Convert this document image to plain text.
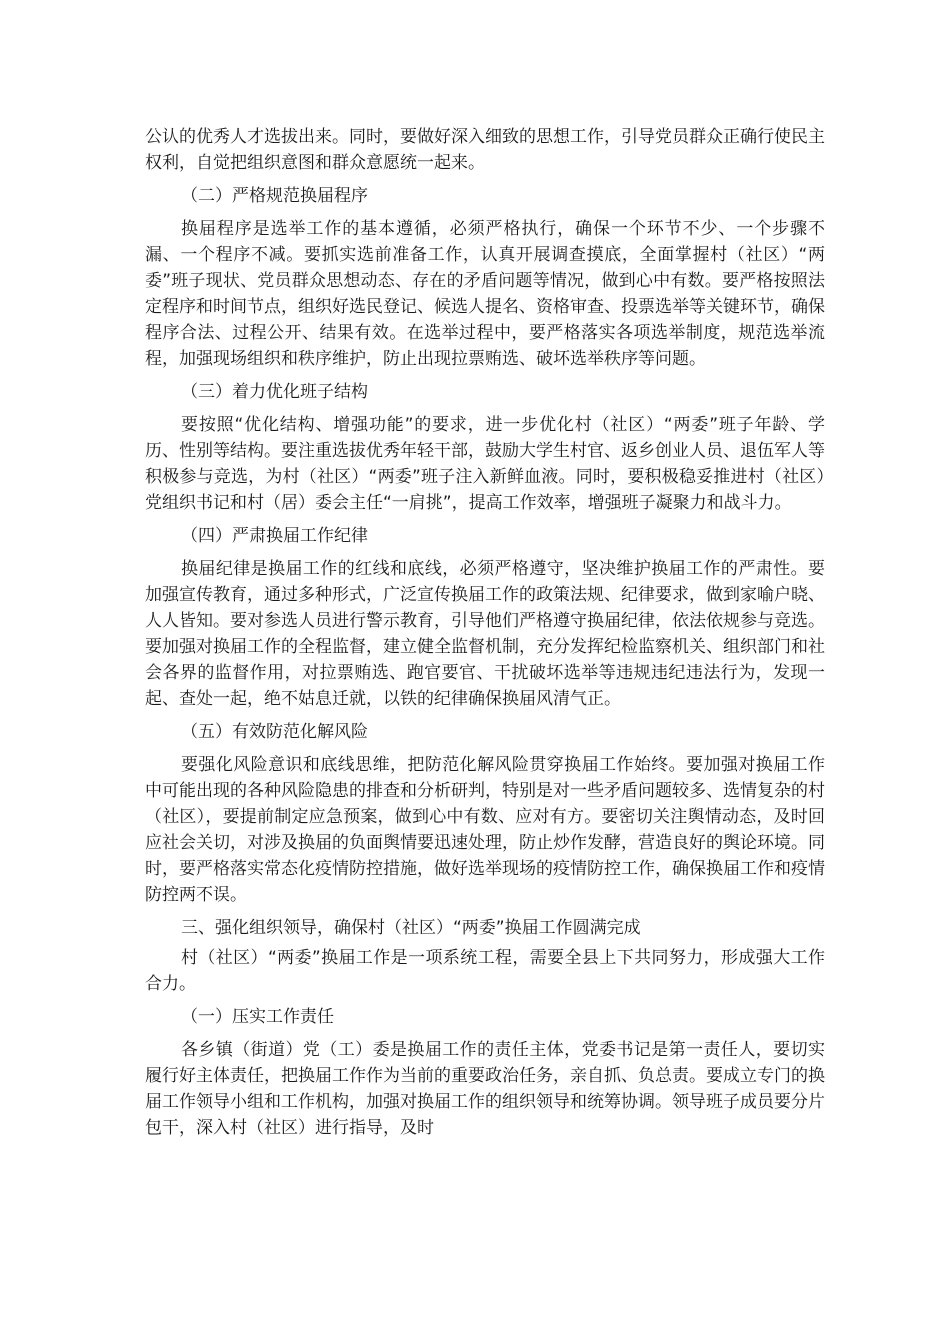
公认的优秀人才选拔出来。同时，要做好深入细致的思想工作，引导党员群众正确行使民主权利，自觉把组织意图和群众意愿统一起来。

（二）严格规范换届程序

换届程序是选举工作的基本遵循，必须严格执行，确保一个环节不少、一个步骤不漏、一个程序不减。要抓实选前准备工作，认真开展调查摸底，全面掌握村（社区）“两委”班子现状、党员群众思想动态、存在的矛盾问题等情况，做到心中有数。要严格按照法定程序和时间节点，组织好选民登记、候选人提名、资格审查、投票选举等关键环节，确保程序合法、过程公开、结果有效。在选举过程中，要严格落实各项选举制度，规范选举流程，加强现场组织和秩序维护，防止出现拉票贿选、破坏选举秩序等问题。

（三）着力优化班子结构

要按照“优化结构、增强功能”的要求，进一步优化村（社区）“两委”班子年龄、学历、性别等结构。要注重选拔优秀年轻干部，鼓励大学生村官、返乡创业人员、退伍军人等积极参与竞选，为村（社区）“两委”班子注入新鲜血液。同时，要积极稳妥推进村（社区）党组织书记和村（居）委会主任“一肩挑”，提高工作效率，增强班子凝聚力和战斗力。

（四）严肃换届工作纪律

换届纪律是换届工作的红线和底线，必须严格遵守，坚决维护换届工作的严肃性。要加强宣传教育，通过多种形式，广泛宣传换届工作的政策法规、纪律要求，做到家喻户晓、人人皆知。要对参选人员进行警示教育，引导他们严格遵守换届纪律，依法依规参与竞选。要加强对换届工作的全程监督，建立健全监督机制，充分发挥纪检监察机关、组织部门和社会各界的监督作用，对拉票贿选、跑官要官、干扰破坏选举等违规违纪违法行为，发现一起、查处一起，绝不姑息迁就，以铁的纪律确保换届风清气正。

（五）有效防范化解风险

要强化风险意识和底线思维，把防范化解风险贯穿换届工作始终。要加强对换届工作中可能出现的各种风险隐患的排查和分析研判，特别是对一些矛盾问题较多、选情复杂的村（社区），要提前制定应急预案，做到心中有数、应对有方。要密切关注舆情动态，及时回应社会关切，对涉及换届的负面舆情要迅速处理，防止炒作发酵，营造良好的舆论环境。同时，要严格落实常态化疫情防控措施，做好选举现场的疫情防控工作，确保换届工作和疫情防控两不误。

三、强化组织领导，确保村（社区）“两委”换届工作圆满完成

村（社区）“两委”换届工作是一项系统工程，需要全县上下共同努力，形成强大工作合力。

（一）压实工作责任

各乡镇（街道）党（工）委是换届工作的责任主体，党委书记是第一责任人，要切实履行好主体责任，把换届工作作为当前的重要政治任务，亲自抓、负总责。要成立专门的换届工作领导小组和工作机构，加强对换届工作的组织领导和统筹协调。领导班子成员要分片包干，深入村（社区）进行指导，及时
